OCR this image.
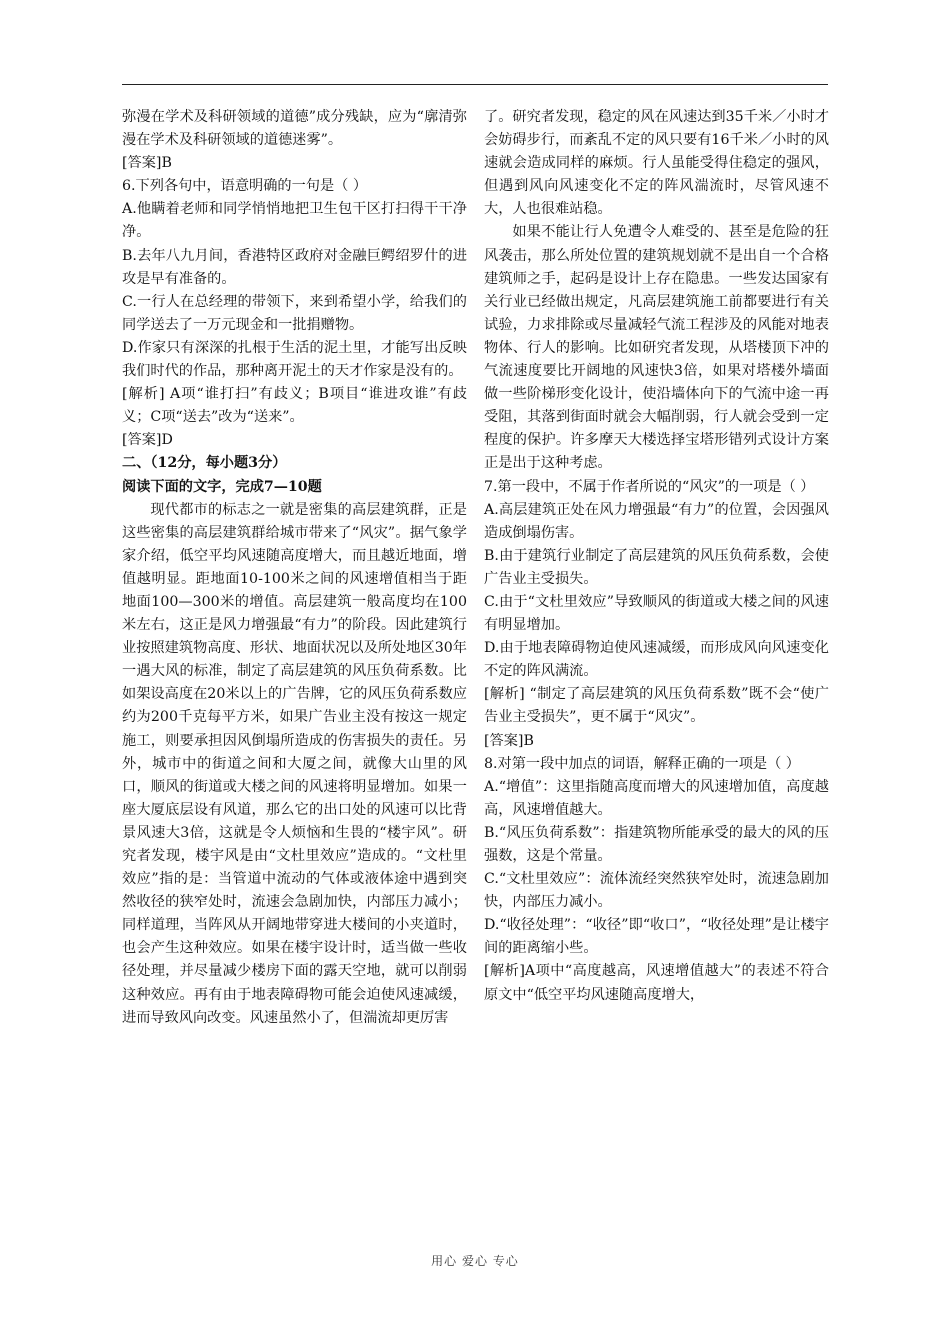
弥漫在学术及科研领域的道德”成分残缺，应为“廓清弥漫在学术及科研领域的道德迷雾”。

[答案]B

6.下列各句中，语意明确的一句是（ ）

A.他瞒着老师和同学悄悄地把卫生包干区打扫得干干净净。

B.去年八九月间，香港特区政府对金融巨鳄绍罗什的进攻是早有准备的。

C.一行人在总经理的带领下，来到希望小学，给我们的同学送去了一万元现金和一批捐赠物。

D.作家只有深深的扎根于生活的泥土里，才能写出反映我们时代的作品，那种离开泥土的天才作家是没有的。

[解析] A项“谁打扫”有歧义；B项目“谁进攻谁”有歧义；C项“送去”改为“送来”。

[答案]D

二、（12分，每小题3分）

阅读下面的文字，完成7—10题

现代都市的标志之一就是密集的高层建筑群，正是这些密集的高层建筑群给城市带来了“风灾”。据气象学家介绍，低空平均风速随高度增大，而且越近地面，增值越明显。距地面10-100米之间的风速增值相当于距地面100—300米的增值。高层建筑一般高度均在100米左右，这正是风力增强最“有力”的阶段。因此建筑行业按照建筑物高度、形状、地面状况以及所处地区30年一遇大风的标准，制定了高层建筑的风压负荷系数。比如架设高度在20米以上的广告牌，它的风压负荷系数应约为200千克每平方米，如果广告业主没有按这一规定施工，则要承担因风倒塌所造成的伤害损失的责任。另外，城市中的街道之间和大厦之间，就像大山里的风口，顺风的街道或大楼之间的风速将明显增加。如果一座大厦底层设有风道，那么它的出口处的风速可以比背景风速大3倍，这就是令人烦恼和生畏的“楼宇风”。研究者发现，楼宇风是由“文杜里效应”造成的。“文杜里效应”指的是：当管道中流动的气体或液体途中遇到突然收径的狭窄处时，流速会急剧加快，内部压力减小；同样道理，当阵风从开阔地带穿进大楼间的小夹道时，也会产生这种效应。如果在楼宇设计时，适当做一些收径处理，并尽量减少楼房下面的露天空地，就可以削弱这种效应。再有由于地表障碍物可能会迫使风速减缓，进而导致风向改变。风速虽然小了，但湍流却更厉害

了。研究者发现，稳定的风在风速达到35千米／小时才会妨碍步行，而紊乱不定的风只要有16千米／小时的风速就会造成同样的麻烦。行人虽能受得住稳定的强风，但遇到风向风速变化不定的阵风湍流时，尽管风速不大，人也很难站稳。

如果不能让行人免遭令人难受的、甚至是危险的狂风袭击，那么所处位置的建筑规划就不是出自一个合格建筑师之手，起码是设计上存在隐患。一些发达国家有关行业已经做出规定，凡高层建筑施工前都要进行有关试验，力求排除或尽量减轻气流工程涉及的风能对地表物体、行人的影响。比如研究者发现，从塔楼顶下冲的气流速度要比开阔地的风速快3倍，如果对塔楼外墙面做一些阶梯形变化设计，使沿墙体向下的气流中途一再受阻，其落到街面时就会大幅削弱，行人就会受到一定程度的保护。许多摩天大楼选择宝塔形错列式设计方案正是出于这种考虑。

7.第一段中，不属于作者所说的“风灾”的一项是（ ）

A.高层建筑正处在风力增强最“有力”的位置，会因强风造成倒塌伤害。

B.由于建筑行业制定了高层建筑的风压负荷系数，会使广告业主受损失。

C.由于“文杜里效应”导致顺风的街道或大楼之间的风速有明显增加。

D.由于地表障碍物迫使风速减缓，而形成风向风速变化不定的阵风满流。

[解析] “制定了高层建筑的风压负荷系数”既不会“使广告业主受损失”，更不属于“风灾”。

[答案]B

8.对第一段中加点的词语，解释正确的一项是（ ）

A.“增值”：这里指随高度而增大的风速增加值，高度越高，风速增值越大。

B.“风压负荷系数”：指建筑物所能承受的最大的风的压强数，这是个常量。

C.“文杜里效应”：流体流经突然狭窄处时，流速急剧加快，内部压力减小。

D.“收径处理”：“收径”即“收口”，“收径处理”是让楼宇间的距离缩小些。

[解析]A项中“高度越高，风速增值越大”的表述不符合原文中“低空平均风速随高度增大，

用心 爱心 专心
